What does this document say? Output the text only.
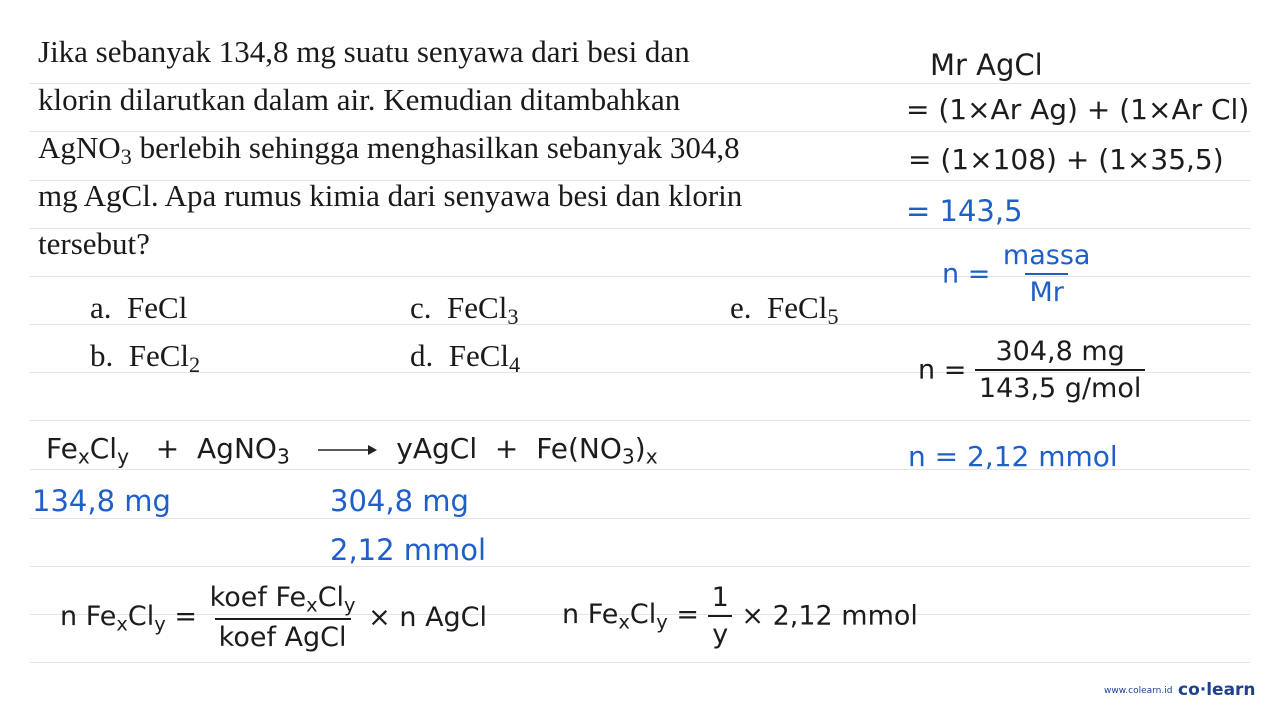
Jika sebanyak 134,8 mg suatu senyawa dari besi dan
klorin dilarutkan dalam air. Kemudian ditambahkan
AgNO$_3$ berlebih sehingga menghasilkan sebanyak 304,8
mg AgCl. Apa rumus kimia dari senyawa besi dan klorin
tersebut?
a. FeCl
b. FeCl$_2$
c. FeCl$_3$
d. FeCl$_4$
e. FeCl$_5$
Mr AgCl
= (1×Ar Ag) + (1×Ar Cl)
= (1×108) + (1×35,5)
= 143,5
$n = \frac{\text{massa}}{Mr}$
$n = \frac{304,8 mg}{\text{143,5 g/mol}}$
n = 2,12 mmol
$Fe_xCl_y$ + AgNO$_3$ → yAgCl + $Fe(NO_3)_x$
134,8 mg	304,8 mg
2,12 mmol
n $Fe_xCl_y = \frac{koef Fe_xCl_y}{\text{koef AgCl}} \times n$ AgCl	n $Fe_xCl_y = \frac{1}{y} \times 2,12$ mmol
www.colearn.id co·learn
